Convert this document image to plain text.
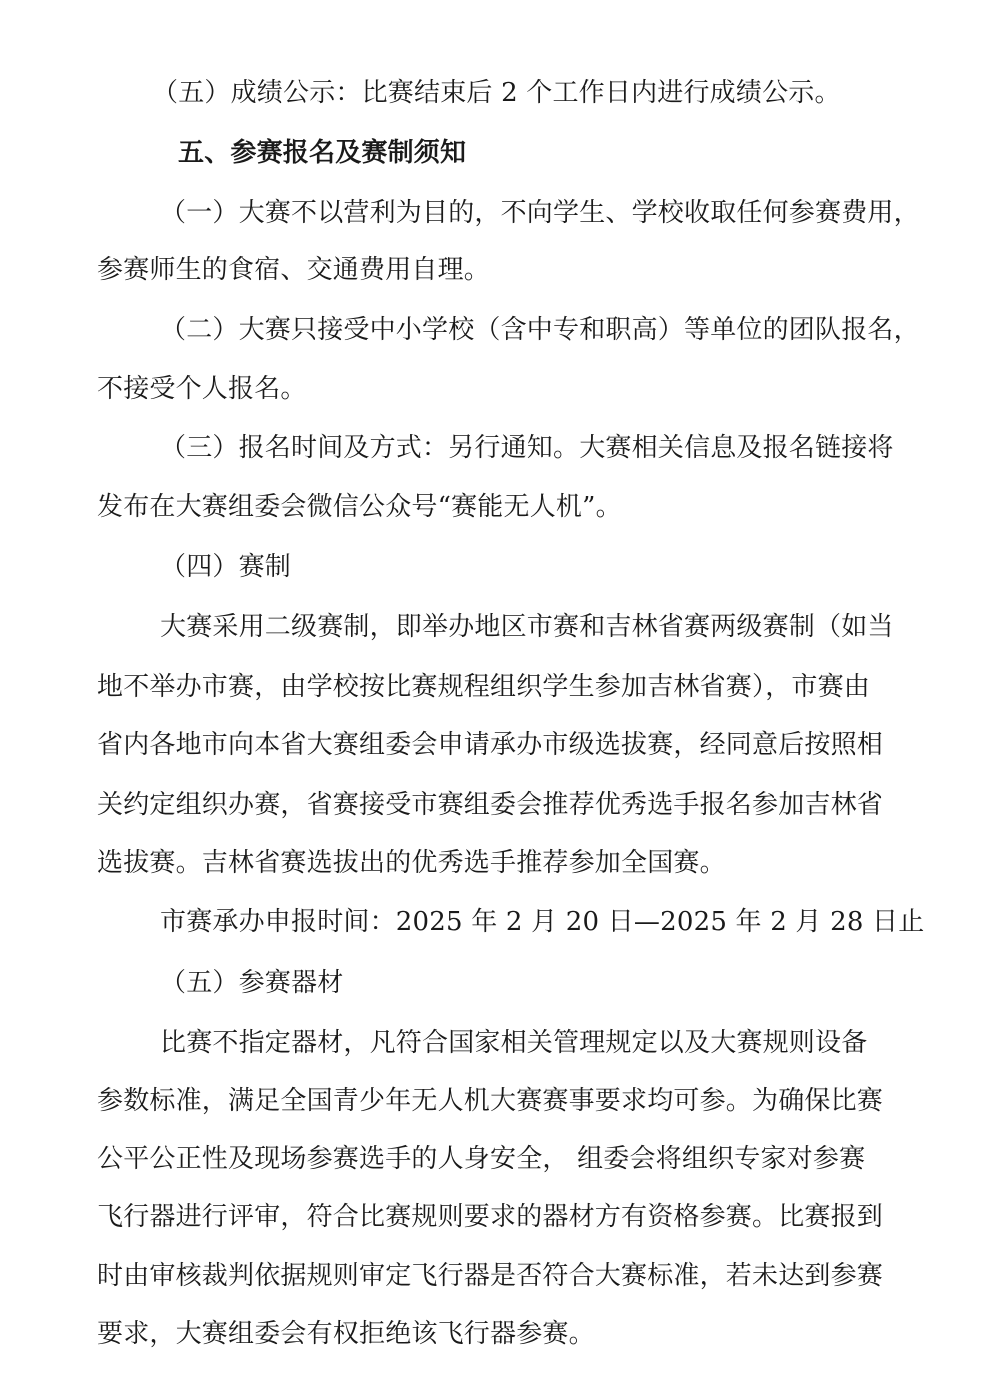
（五）成绩公示：比赛结束后 2 个工作日内进行成绩公示。
五、参赛报名及赛制须知
（一）大赛不以营利为目的，不向学生、学校收取任何参赛费用，
参赛师生的食宿、交通费用自理。
（二）大赛只接受中小学校（含中专和职高）等单位的团队报名，
不接受个人报名。
（三）报名时间及方式：另行通知。大赛相关信息及报名链接将
发布在大赛组委会微信公众号“赛能无人机”。
（四）赛制
大赛采用二级赛制，即举办地区市赛和吉林省赛两级赛制（如当
地不举办市赛，由学校按比赛规程组织学生参加吉林省赛），市赛由
省内各地市向本省大赛组委会申请承办市级选拔赛，经同意后按照相
关约定组织办赛，省赛接受市赛组委会推荐优秀选手报名参加吉林省
选拔赛。吉林省赛选拔出的优秀选手推荐参加全国赛。
市赛承办申报时间：2025 年 2 月 20 日—2025 年 2 月 28 日止
（五）参赛器材
比赛不指定器材，凡符合国家相关管理规定以及大赛规则设备
参数标准，满足全国青少年无人机大赛赛事要求均可参。为确保比赛
公平公正性及现场参赛选手的人身安全， 组委会将组织专家对参赛
飞行器进行评审，符合比赛规则要求的器材方有资格参赛。比赛报到
时由审核裁判依据规则审定飞行器是否符合大赛标准，若未达到参赛
要求，大赛组委会有权拒绝该飞行器参赛。
